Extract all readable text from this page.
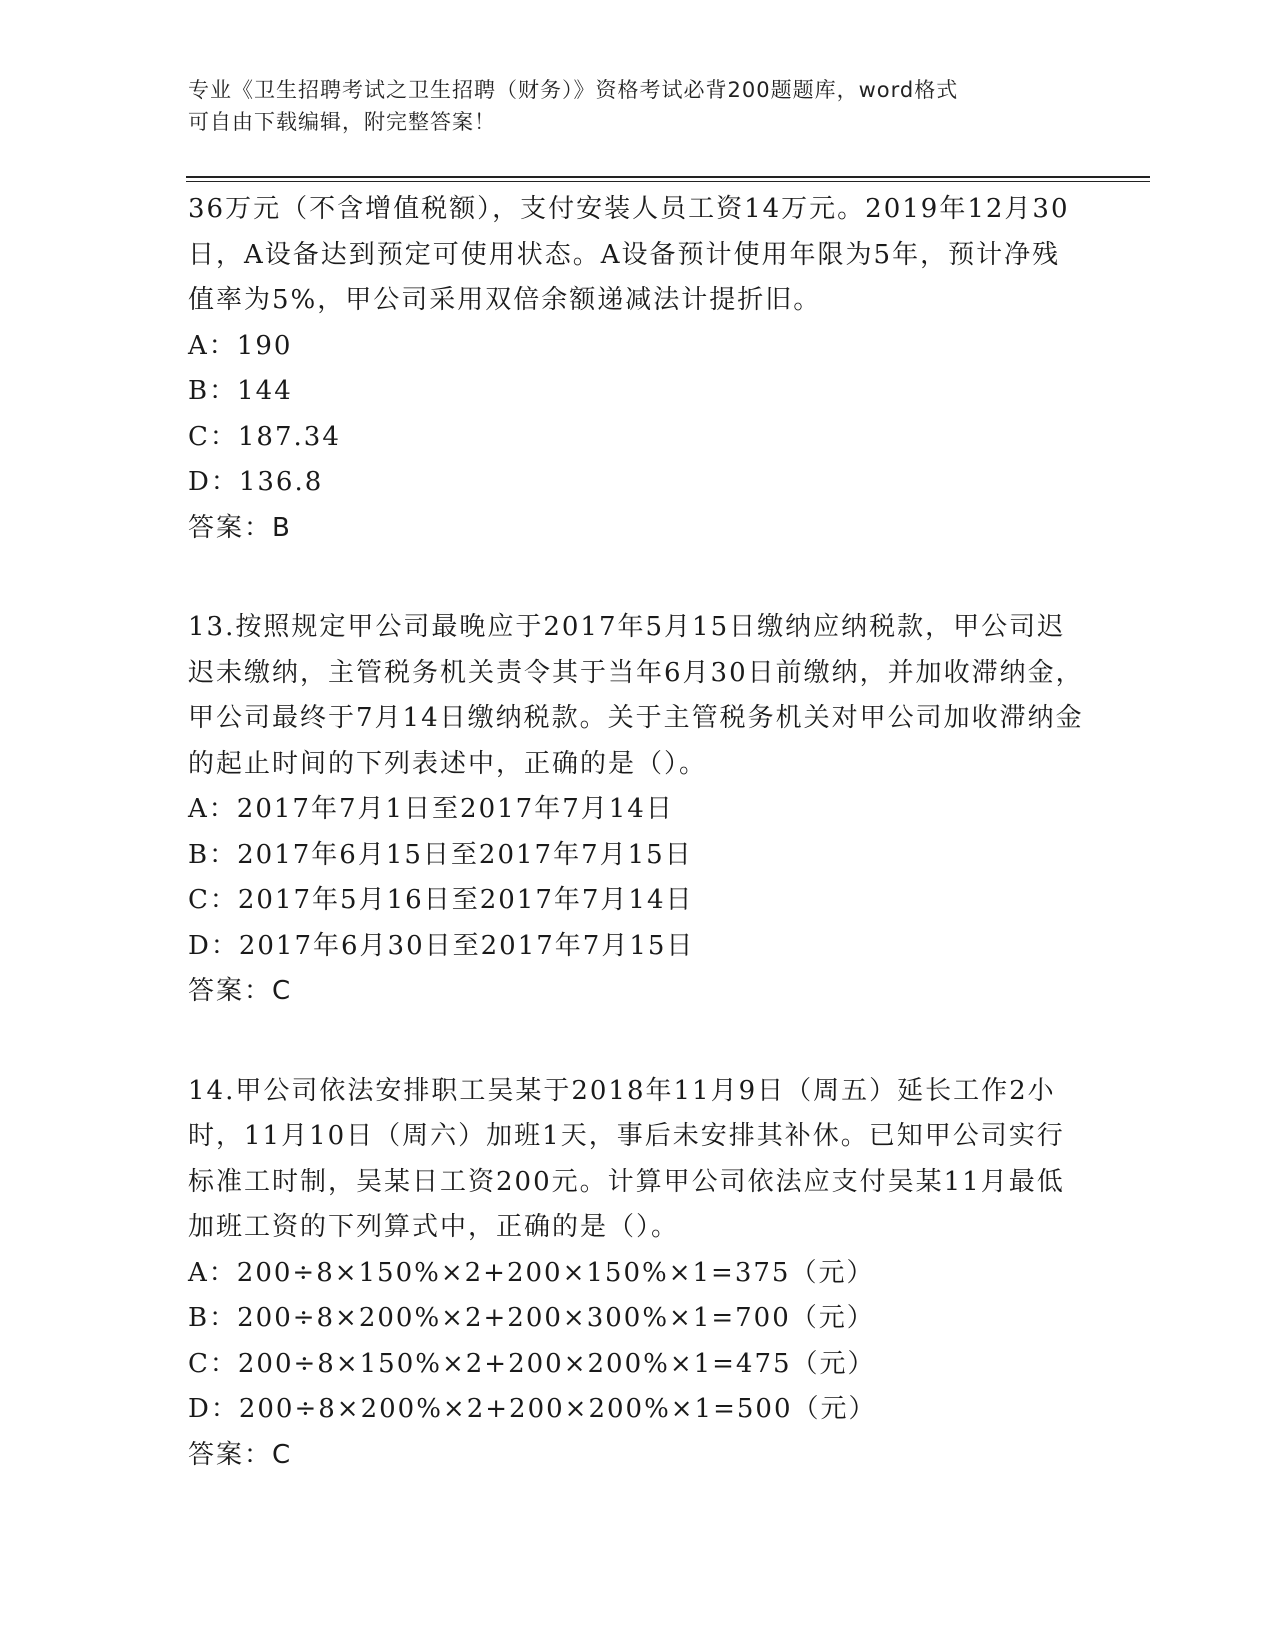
专业《卫生招聘考试之卫生招聘（财务）》资格考试必背200题题库，word格式
可自由下载编辑，附完整答案！

36万元（不含增值税额），支付安装人员工资14万元。2019年12月30日，A设备达到预定可使用状态。A设备预计使用年限为5年，预计净残值率为5%，甲公司采用双倍余额递减法计提折旧。

A：190

B：144

C：187.34

D：136.8

答案：B

13.按照规定甲公司最晚应于2017年5月15日缴纳应纳税款，甲公司迟迟未缴纳，主管税务机关责令其于当年6月30日前缴纳，并加收滞纳金，甲公司最终于7月14日缴纳税款。关于主管税务机关对甲公司加收滞纳金的起止时间的下列表述中，正确的是（）。

A：2017年7月1日至2017年7月14日

B：2017年6月15日至2017年7月15日

C：2017年5月16日至2017年7月14日

D：2017年6月30日至2017年7月15日

答案：C

14.甲公司依法安排职工吴某于2018年11月9日（周五）延长工作2小时，11月10日（周六）加班1天，事后未安排其补休。已知甲公司实行标准工时制，吴某日工资200元。计算甲公司依法应支付吴某11月最低加班工资的下列算式中，正确的是（）。

A：200÷8×150%×2+200×150%×1=375（元）

B：200÷8×200%×2+200×300%×1=700（元）

C：200÷8×150%×2+200×200%×1=475（元）

D：200÷8×200%×2+200×200%×1=500（元）

答案：C
